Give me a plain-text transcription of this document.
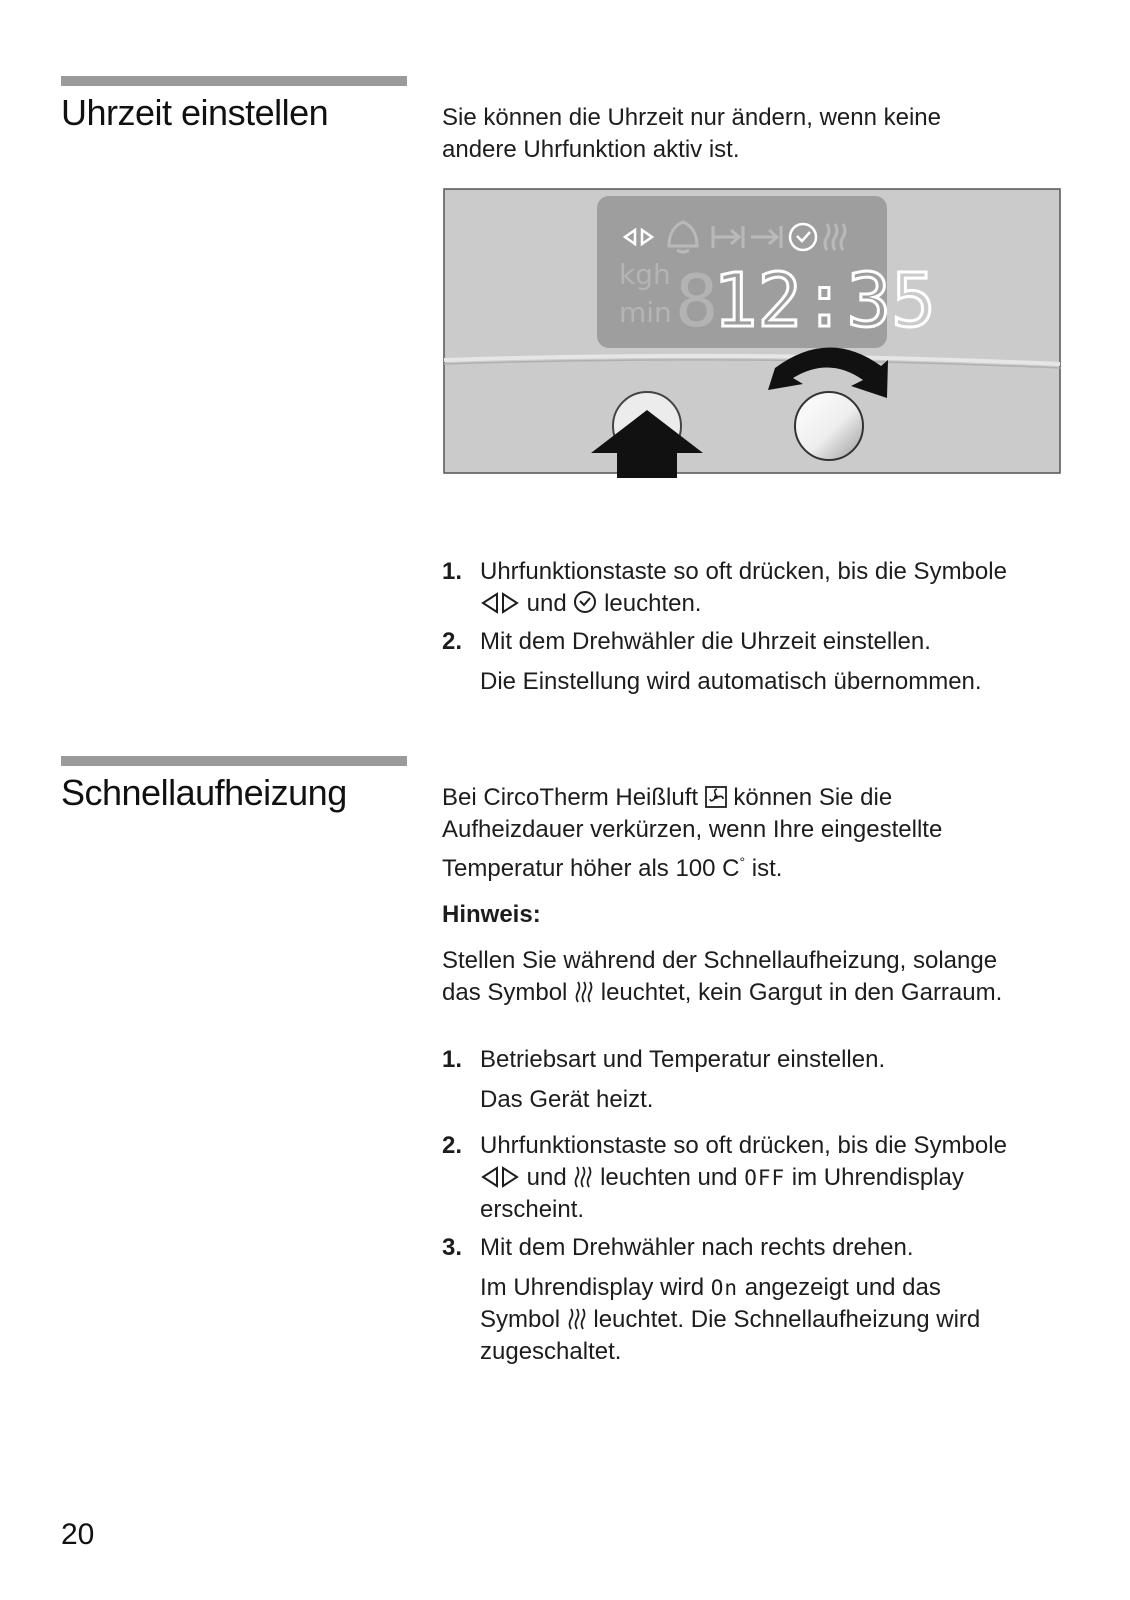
Uhrzeit einstellen	Sie können die Uhrzeit nur ändern, wenn keine

andere Uhrfunktion aktiv ist.

kgh
min 8
12:35
1. Uhrfunktionstaste so oft drücken, bis die Symbole
und leuchten.
2. Mit dem Drehwähler die Uhrzeit einstellen.
Die Einstellung wird automatisch übernommen.
Schnellaufheizung	Bei CircoTherm Heißluft können Sie die

Aufheizdauer verkürzen, wenn Ihre eingestellte

Temperatur höher als 100 C° ist.

Hinweis:

Stellen Sie während der Schnellaufheizung, solange

das Symbol leuchtet, kein Gargut in den Garraum.

1. Betriebsart und Temperatur einstellen.
Das Gerät heizt.
2. Uhrfunktionstaste so oft drücken, bis die Symbole
und leuchten und OFF im Uhrendisplay
erscheint.
3. Mit dem Drehwähler nach rechts drehen.
Im Uhrendisplay wird On angezeigt und das
Symbol leuchtet. Die Schnellaufheizung wird
zugeschaltet.
20
